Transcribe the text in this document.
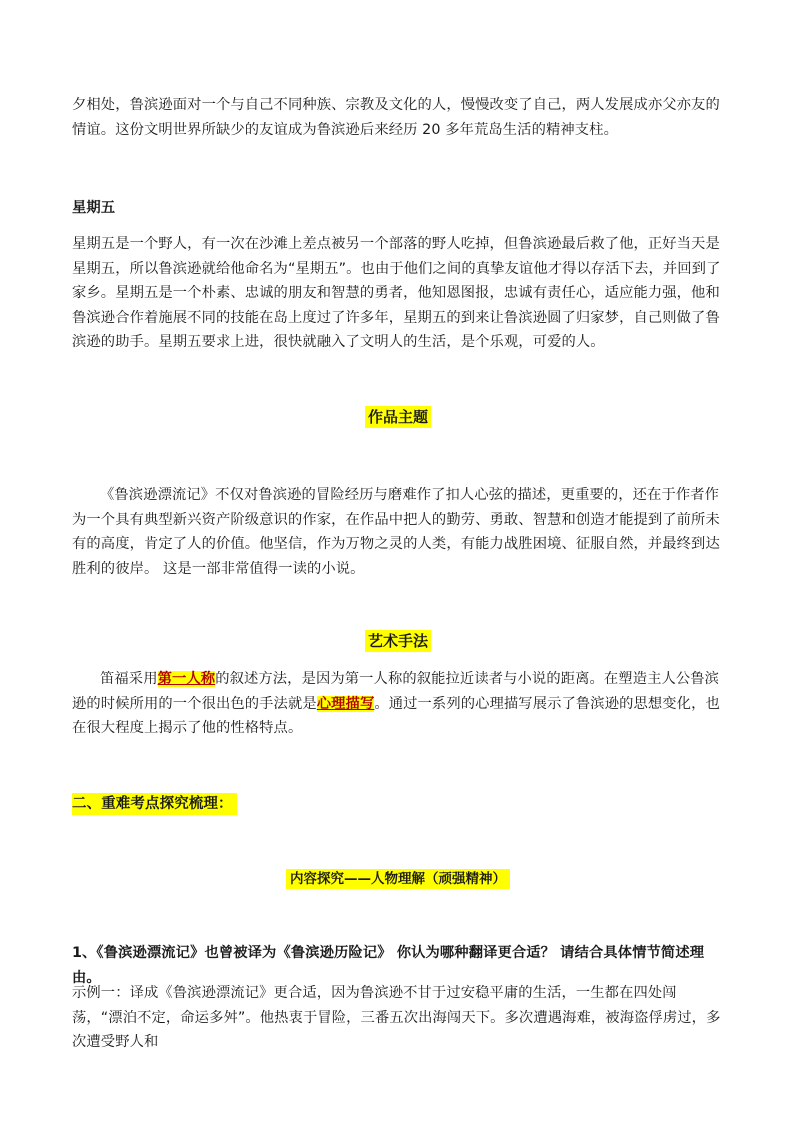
夕相处，鲁滨逊面对一个与自己不同种族、宗教及文化的人，慢慢改变了自己，两人发展成亦父亦友的情谊。这份文明世界所缺少的友谊成为鲁滨逊后来经历 20 多年荒岛生活的精神支柱。
星期五
星期五是一个野人，有一次在沙滩上差点被另一个部落的野人吃掉，但鲁滨逊最后救了他，正好当天是星期五，所以鲁滨逊就给他命名为“星期五”。也由于他们之间的真挚友谊他才得以存活下去，并回到了家乡。星期五是一个朴素、忠诚的朋友和智慧的勇者，他知恩图报，忠诚有责任心，适应能力强，他和鲁滨逊合作着施展不同的技能在岛上度过了许多年，星期五的到来让鲁滨逊圆了归家梦，自己则做了鲁滨逊的助手。星期五要求上进，很快就融入了文明人的生活，是个乐观，可爱的人。
作品主题
《鲁滨逊漂流记》不仅对鲁滨逊的冒险经历与磨难作了扣人心弦的描述，更重要的，还在于作者作为一个具有典型新兴资产阶级意识的作家，在作品中把人的勤劳、勇敢、智慧和创造才能提到了前所未有的高度，肯定了人的价值。他坚信，作为万物之灵的人类，有能力战胜困境、征服自然，并最终到达胜利的彼岸。 这是一部非常值得一读的小说。
艺术手法
笛福采用第一人称的叙述方法，是因为第一人称的叙能拉近读者与小说的距离。在塑造主人公鲁滨逊的时候所用的一个很出色的手法就是心理描写。通过一系列的心理描写展示了鲁滨逊的思想变化，也在很大程度上揭示了他的性格特点。
二、重难考点探究梳理：
内容探究——人物理解（顽强精神）
1、《鲁滨逊漂流记》也曾被译为《鲁滨逊历险记》 你认为哪种翻译更合适？ 请结合具体情节简述理由。
示例一：译成《鲁滨逊漂流记》更合适，因为鲁滨逊不甘于过安稳平庸的生活，一生都在四处闯荡，“漂泊不定，命运多舛”。他热衷于冒险，三番五次出海闯天下。多次遭遇海难，被海盗俘虏过，多次遭受野人和
